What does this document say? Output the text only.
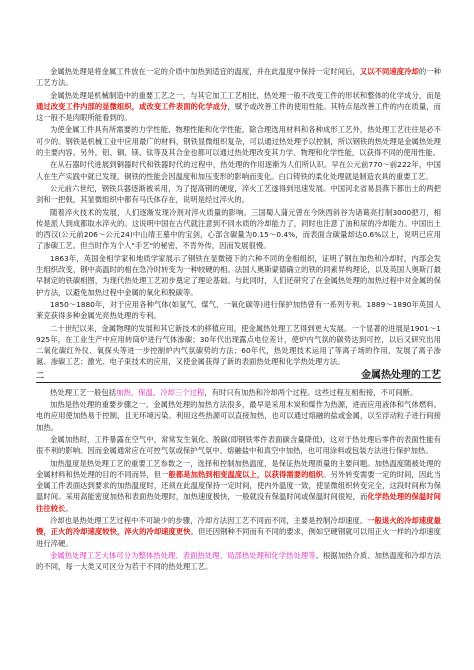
金属热处理是将金属工件放在一定的介质中加热到适宜的温度，并在此温度中保持一定时间后，又以不同速度冷却的一种工艺方法。

金属热处理是机械制造中的重要工艺之一，与其它加工工艺相比，热处理一般不改变工件的形状和整体的化学成分，而是通过改变工件内部的显微组织，或改变工件表面的化学成分，赋予或改善工件的使用性能。其特点是改善工件的内在质量，而这一般不是肉眼所能看到的。

为使金属工件具有所需要的力学性能、物理性能和化学性能，除合理选用材料和各种成形工艺外，热处理工艺往往是必不可少的。钢铁是机械工业中应用最广的材料，钢铁显微组织复杂，可以通过热处理予以控制，所以钢铁的热处理是金属热处理的主要内容。另外，铝、铜、镁、钛等及其合金也都可以通过热处理改变其力学、物理和化学性能，以获得不同的使用性能。

在从石器时代进展到铜器时代和铁器时代的过程中，热处理的作用逐渐为人们所认识。早在公元前770～前222年，中国人在生产实践中就已发现，铜铁的性能会因温度和加压变形的影响而变化。白口铸铁的柔化处理就是制造农具的重要工艺。

公元前六世纪，钢铁兵器逐渐被采用，为了提高钢的硬度，淬火工艺遂得到迅速发展。中国河北省易县燕下都出土的两把剑和一把戟，其显微组织中都有马氏体存在，说明是经过淬火的。

随着淬火技术的发展，人们逐渐发现冷剂对淬火质量的影响。三国蜀人蒲元曾在今陕西斜谷为诸葛亮打制3000把刀，相传是派人到成都取水淬火的。这说明中国在古代就注意到不同水质的冷却能力了，同时也注意了油和尿的冷却能力。中国出土的西汉(公元前206～公元24)中山靖王墓中的宝剑，心部含碳量为0.15～0.4%，而表面含碳量却达0.6%以上，说明已应用了渗碳工艺。但当时作为个人"手艺"的秘密，不肯外传，因而发展很慢。

1863年，英国金相学家和地质学家展示了钢铁在显微镜下的六种不同的金相组织，证明了钢在加热和冷却时，内部会发生组织改变，钢中高温时的相在急冷时转变为一种较硬的相。法国人奥斯蒙德确立的铁的同素异构理论，以及英国人奥斯汀最早制定的铁碳相图，为现代热处理工艺初步奠定了理论基础。与此同时，人们还研究了在金属热处理的加热过程中对金属的保护方法，以避免加热过程中金属的氧化和脱碳等。

1850～1880年，对于应用各种气体(如氢气、煤气、一氧化碳等)进行保护加热曾有一系列专利。1889～1890年英国人莱克获得多种金属光亮热处理的专利。

二十世纪以来，金属物理的发展和其它新技术的移植应用，使金属热处理工艺得到更大发展。一个显著的进展是1901～1925年，在工业生产中应用转筒炉进行气体渗碳；30年代出现露点电位差计，使炉内气氛的碳势达到可控，以后又研究出用二氧化碳红外仪、氧探头等进一步控制炉内气氛碳势的方法；60年代，热处理技术运用了等离子场的作用，发展了离子渗氮、渗碳工艺；激光、电子束技术的应用，又使金属获得了新的表面热处理和化学热处理方法。

二	金属热处理的工艺

热处理工艺一般包括加热、保温、冷却三个过程，有时只有加热和冷却两个过程。这些过程互相衔接，不可间断。

加热是热处理的重要步骤之一。金属热处理的加热方法很多，最早是采用木炭和煤作为热源，进而应用液体和气体燃料。电的应用使加热易于控制，且无环境污染。利用这些热源可以直接加热，也可以通过熔融的盐或金属，以至浮动粒子进行间接加热。

金属加热时，工件暴露在空气中，常常发生氧化、脱碳(即钢铁零件表面碳含量降低)，这对于热处理后零件的表面性能有很不利的影响。因而金属通常应在可控气氛或保护气氛中、熔融盐中和真空中加热，也可用涂料或包装方法进行保护加热。

加热温度是热处理工艺的重要工艺参数之一，选择和控制加热温度，是保证热处理质量的主要问题。加热温度随被处理的金属材料和热处理的目的不同而异，但一般都是加热到相变温度以上，以获得需要的组织。另外转变需要一定的时间，因此当金属工件表面达到要求的加热温度时，还须在此温度保持一定时间，使内外温度一致，使显微组织转变完全，这段时间称为保温时间。采用高能密度加热和表面热处理时，加热速度极快，一般就没有保温时间或保温时间很短，而化学热处理的保温时间往往较长。

冷却也是热处理工艺过程中不可缺少的步骤，冷却方法因工艺不同而不同，主要是控制冷却速度。一般退火的冷却速度最慢，正火的冷却速度较快，淬火的冷却速度更快。但还因钢种不同而有不同的要求，例如空硬钢就可以用正火一样的冷却速度进行淬硬。

金属热处理工艺大体可分为整体热处理、表面热处理、局部热处理和化学热处理等。根据加热介质、加热温度和冷却方法的不同，每一大类又可区分为若干不同的热处理工艺。
